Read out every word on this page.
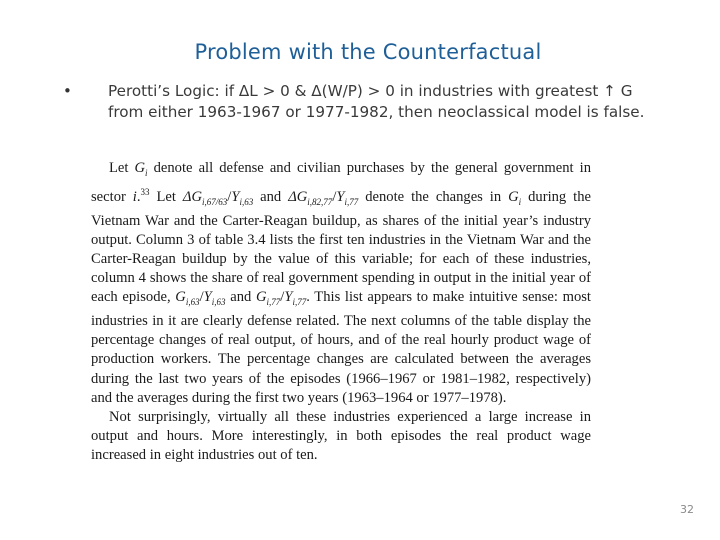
Problem with the Counterfactual
• Perotti’s Logic: if ΔL > 0 & Δ(W/P) > 0 in industries with greatest ↑ G from either 1963-1967 or 1977-1982, then neoclassical model is false.

Let $G_i$ denote all defense and civilian purchases by the general government in sector i.$^{33}$ Let $\Delta G_{i,67/63}/Y_{i,63}$ and $\Delta G_{i,82,77}/Y_{i,77}$ denote the changes in $G_i$ during the Vietnam War and the Carter-Reagan buildup, as shares of the initial year’s industry output. Column 3 of table 3.4 lists the first ten industries in the Vietnam War and the Carter-Reagan buildup by the value of this variable; for each of these industries, column 4 shows the share of real government spending in output in the initial year of each episode, $G_{i,63}/Y_{i,63}$ and $G_{i,77}/Y_{i,77}$. This list appears to make intuitive sense: most industries in it are clearly defense related. The next columns of the table display the percentage changes of real output, of hours, and of the real hourly product wage of production workers. The percentage changes are calculated between the averages during the last two years of the episodes (1966–1967 or 1981–1982, respectively) and the averages during the first two years (1963–1964 or 1977–1978).

Not surprisingly, virtually all these industries experienced a large increase in output and hours. More interestingly, in both episodes the real product wage increased in eight industries out of ten.

32
